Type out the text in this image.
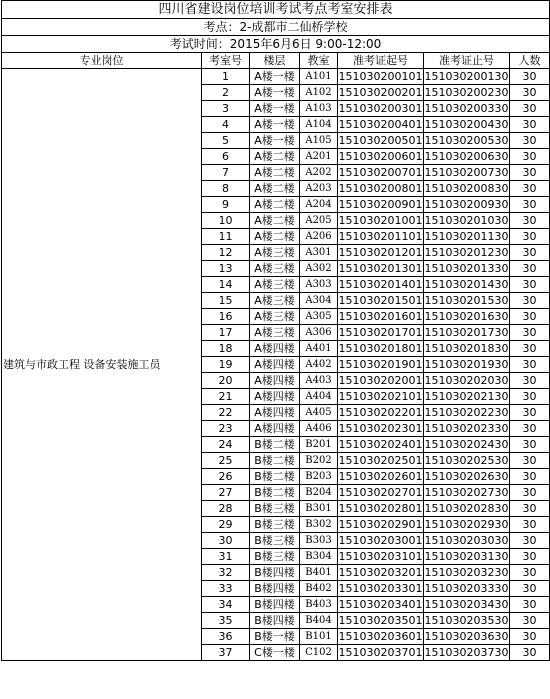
四川省建设岗位培训考试考点考室安排表						
考点：2-成都市二仙桥学校						
考试时间：2015年6月6日 9:00-12:00						
专业岗位	考室号	楼层	教室	准考证起号	准考证止号	人数
建筑与市政工程 设备安装施工员	1	A楼一楼	A101	151030200101	151030200130	30
	2	A楼一楼	A102	151030200201	151030200230	30
	3	A楼一楼	A103	151030200301	151030200330	30
	4	A楼一楼	A104	151030200401	151030200430	30
	5	A楼一楼	A105	151030200501	151030200530	30
	6	A楼二楼	A201	151030200601	151030200630	30
	7	A楼二楼	A202	151030200701	151030200730	30
	8	A楼二楼	A203	151030200801	151030200830	30
	9	A楼二楼	A204	151030200901	151030200930	30
	10	A楼二楼	A205	151030201001	151030201030	30
	11	A楼二楼	A206	151030201101	151030201130	30
	12	A楼三楼	A301	151030201201	151030201230	30
	13	A楼三楼	A302	151030201301	151030201330	30
	14	A楼三楼	A303	151030201401	151030201430	30
	15	A楼三楼	A304	151030201501	151030201530	30
	16	A楼三楼	A305	151030201601	151030201630	30
	17	A楼三楼	A306	151030201701	151030201730	30
	18	A楼四楼	A401	151030201801	151030201830	30
	19	A楼四楼	A402	151030201901	151030201930	30
	20	A楼四楼	A403	151030202001	151030202030	30
	21	A楼四楼	A404	151030202101	151030202130	30
	22	A楼四楼	A405	151030202201	151030202230	30
	23	A楼四楼	A406	151030202301	151030202330	30
	24	B楼二楼	B201	151030202401	151030202430	30
	25	B楼二楼	B202	151030202501	151030202530	30
	26	B楼二楼	B203	151030202601	151030202630	30
	27	B楼二楼	B204	151030202701	151030202730	30
	28	B楼三楼	B301	151030202801	151030202830	30
	29	B楼三楼	B302	151030202901	151030202930	30
	30	B楼三楼	B303	151030203001	151030203030	30
	31	B楼三楼	B304	151030203101	151030203130	30
	32	B楼四楼	B401	151030203201	151030203230	30
	33	B楼四楼	B402	151030203301	151030203330	30
	34	B楼四楼	B403	151030203401	151030203430	30
	35	B楼四楼	B404	151030203501	151030203530	30
	36	B楼一楼	B101	151030203601	151030203630	30
	37	C楼一楼	C102	151030203701	151030203730	30
